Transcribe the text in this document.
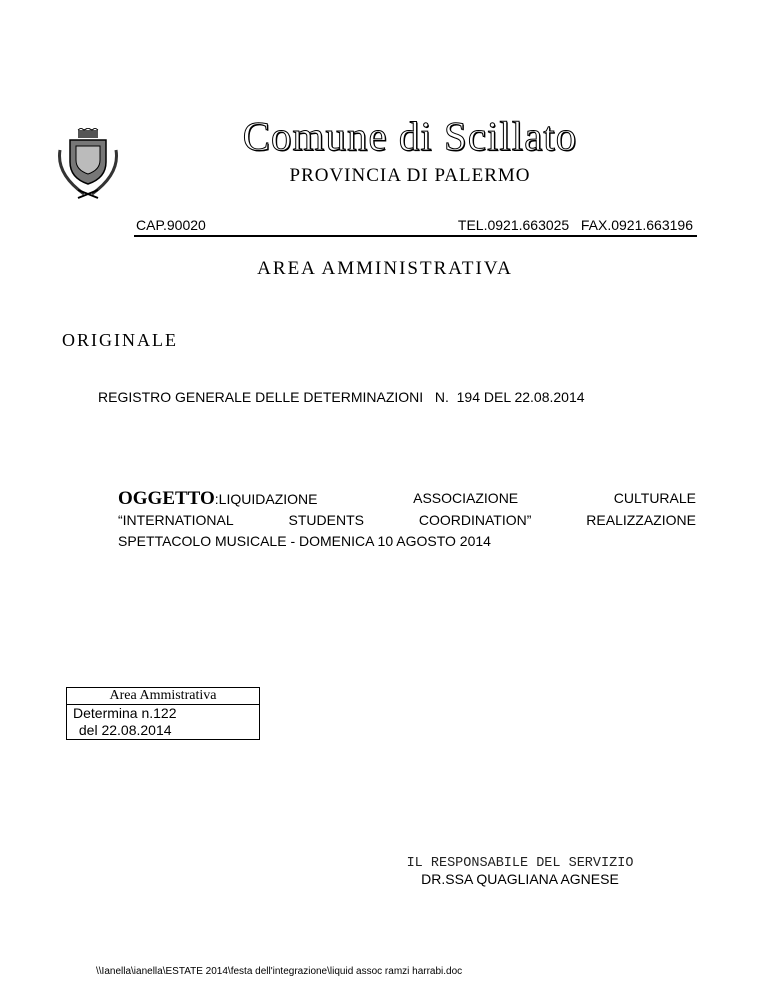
Comune di Scillato
PROVINCIA DI PALERMO
CAP.90020	TEL.0921.663025   FAX.0921.663196
AREA AMMINISTRATIVA
ORIGINALE
REGISTRO GENERALE DELLE DETERMINAZIONI   N.  194 DEL 22.08.2014
OGGETTO:LIQUIDAZIONE	ASSOCIAZIONE	CULTURALE
“INTERNATIONAL	STUDENTS	COORDINATION”	REALIZZAZIONE
SPETTACOLO MUSICALE - DOMENICA 10 AGOSTO 2014
Area Ammistrativa
Determina n.122
del 22.08.2014
IL RESPONSABILE DEL SERVIZIO
DR.SSA QUAGLIANA AGNESE
\\Ianella\ianella\ESTATE 2014\festa dell'integrazione\liquid assoc ramzi harrabi.doc
